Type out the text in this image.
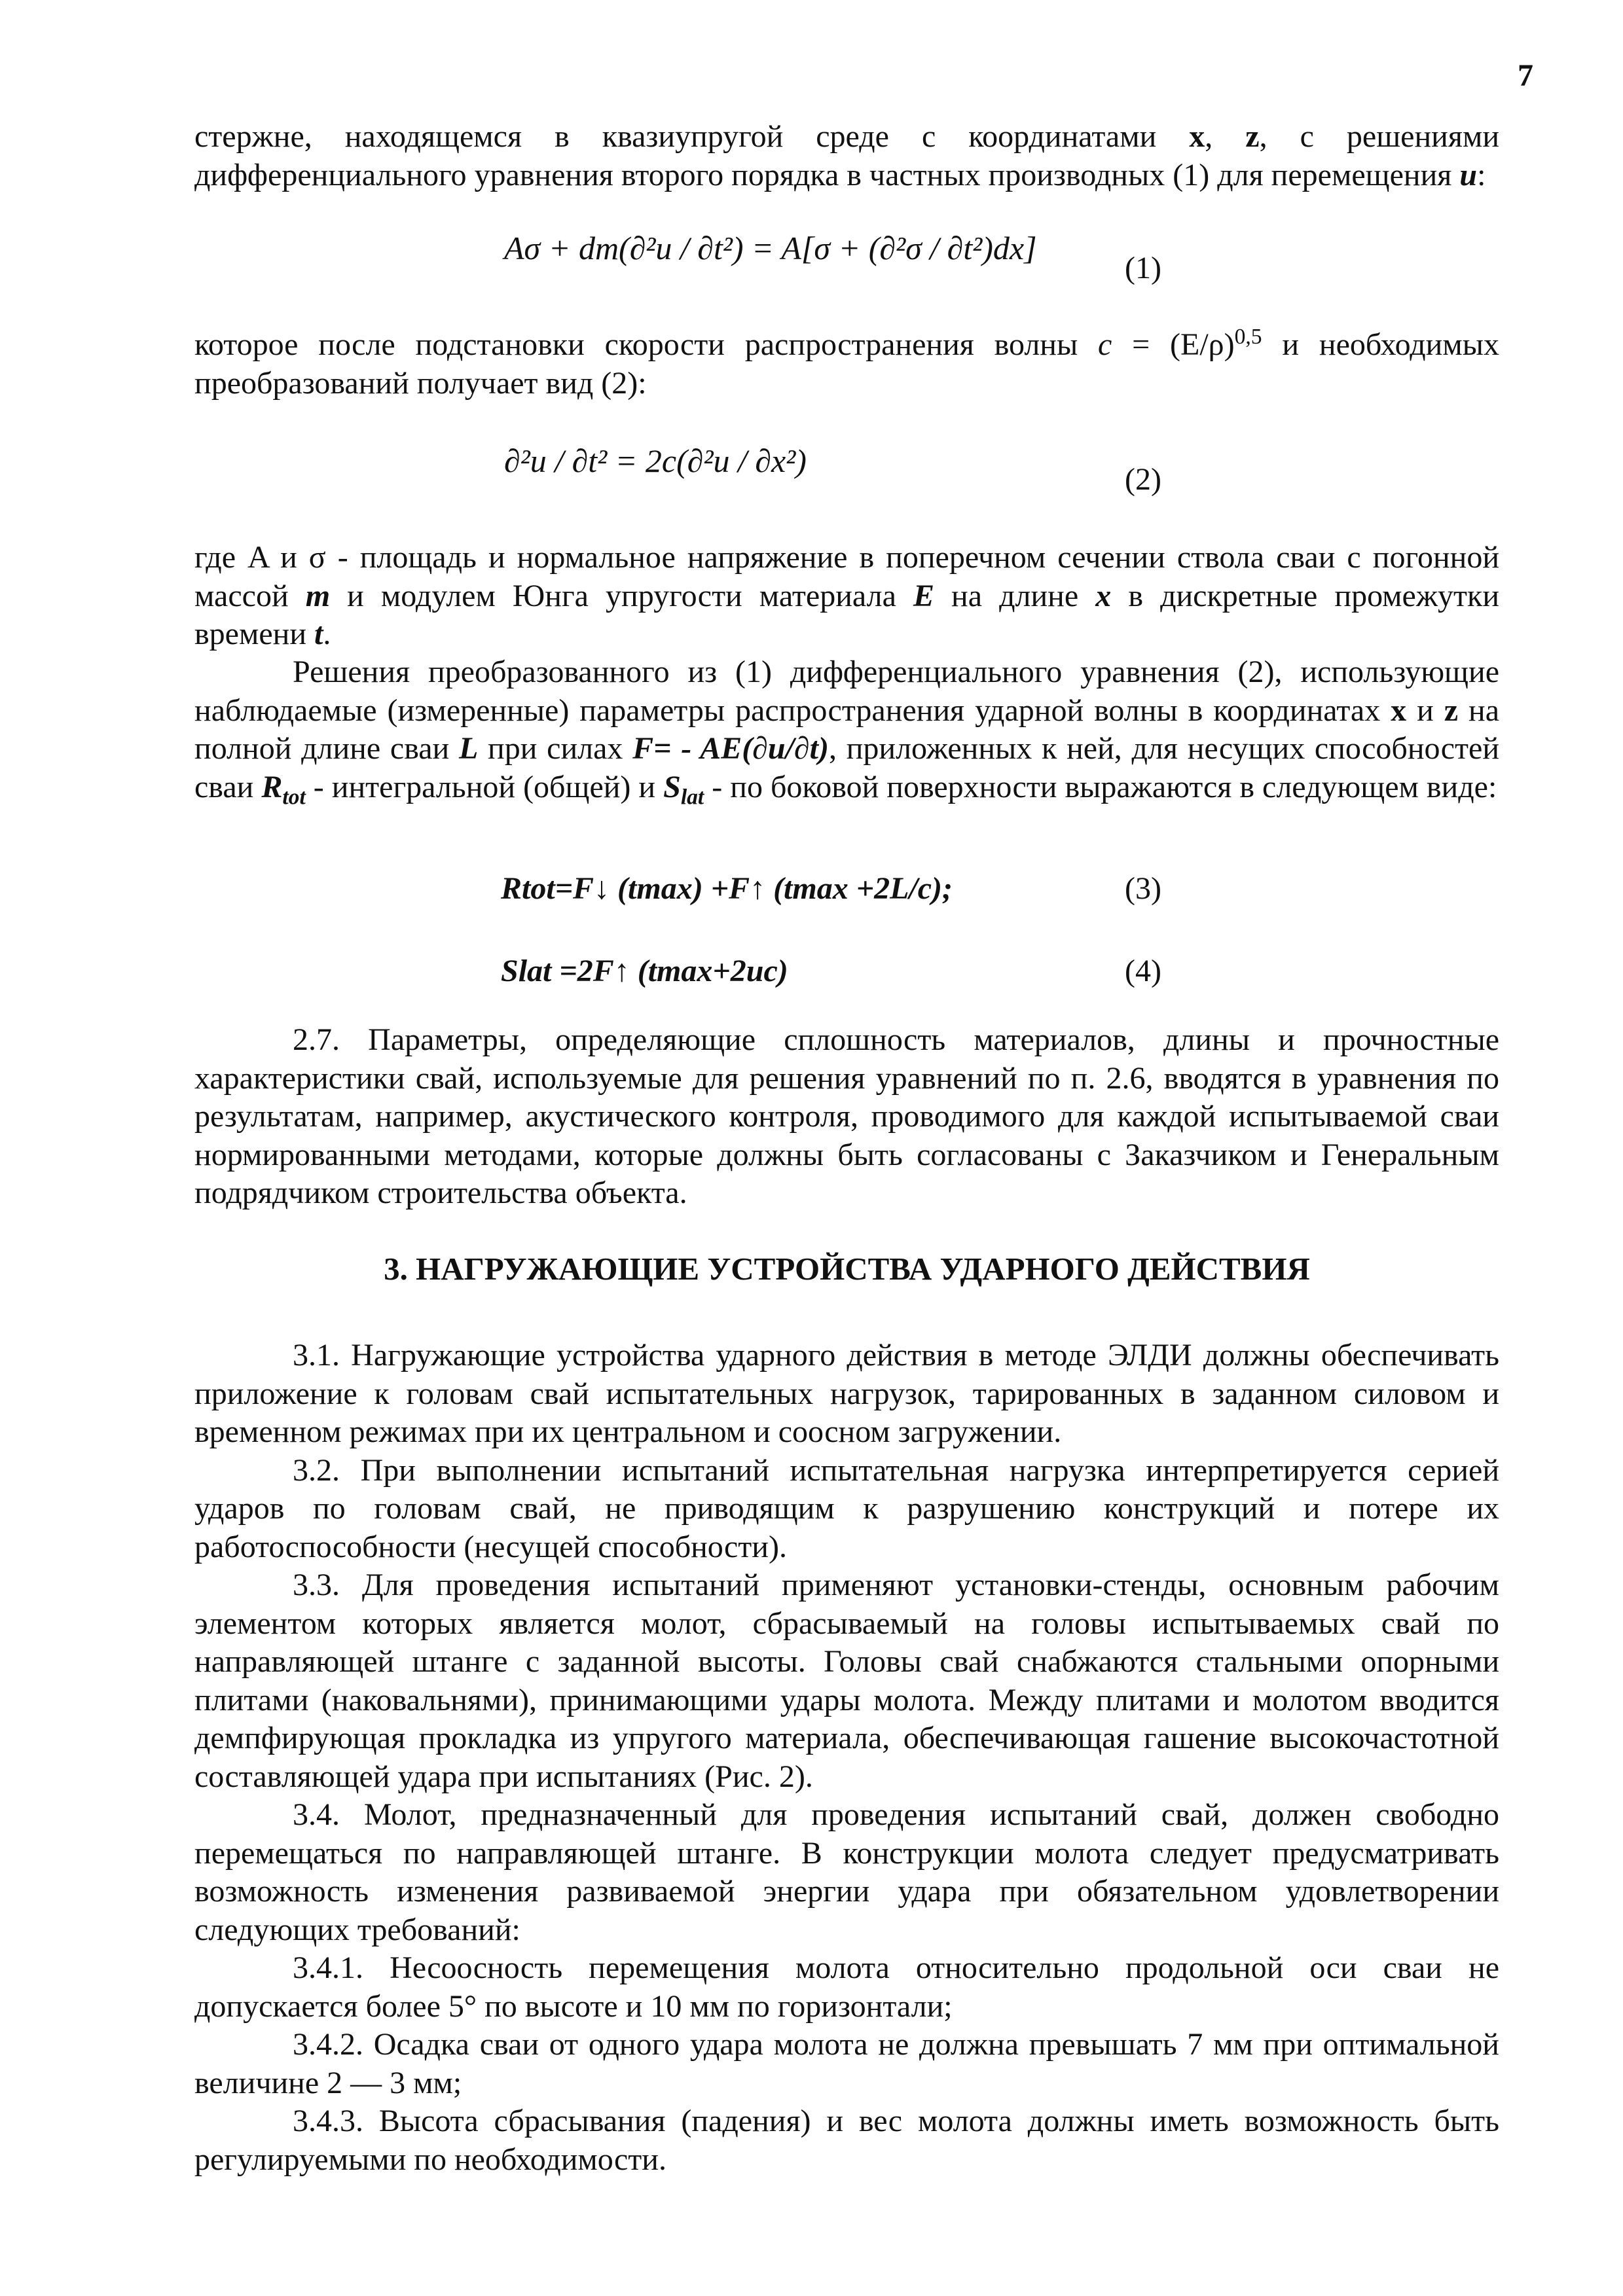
7

стержне, находящемся в квазиупругой среде с координатами x, z, с решениями дифференциального уравнения второго порядка в частных производных (1) для перемещения u:

Aσ + dm(∂²u / ∂t²) = A[σ + (∂²σ / ∂t²)dx]
(1)

которое после подстановки скорости распространения волны $c = (E/\rho)^{0,5}$ и необходимых преобразований получает вид (2):

∂²u / ∂t² = 2c(∂²u / ∂x²)
(2)

где A и σ - площадь и нормальное напряжение в поперечном сечении ствола сваи с погонной массой m и модулем Юнга упругости материала E на длине x в дискретные промежутки времени t.

Решения преобразованного из (1) дифференциального уравнения (2), использующие наблюдаемые (измеренные) параметры распространения ударной волны в координатах x и z на полной длине сваи L при силах F= - AE(∂u/∂t), приложенных к ней, для несущих способностей сваи $R_{tot}$ - интегральной (общей) и $S_{lat}$ - по боковой поверхности выражаются в следующем виде:

Rtot=F↓ (tmax) +F↑ (tmax +2L/c);	(3)
Slat =2F↑ (tmax+2uc)	(4)

2.7. Параметры, определяющие сплошность материалов, длины и прочностные характеристики свай, используемые для решения уравнений по п. 2.6, вводятся в уравнения по результатам, например, акустического контроля, проводимого для каждой испытываемой сваи нормированными методами, которые должны быть согласованы с Заказчиком и Генеральным подрядчиком строительства объекта.

3. НАГРУЖАЮЩИЕ УСТРОЙСТВА УДАРНОГО ДЕЙСТВИЯ

3.1. Нагружающие устройства ударного действия в методе ЭЛДИ должны обеспечивать приложение к головам свай испытательных нагрузок, тарированных в заданном силовом и временном режимах при их центральном и соосном загружении.

3.2. При выполнении испытаний испытательная нагрузка интерпретируется серией ударов по головам свай, не приводящим к разрушению конструкций и потере их работоспособности (несущей способности).

3.3. Для проведения испытаний применяют установки-стенды, основным рабочим элементом которых является молот, сбрасываемый на головы испытываемых свай по направляющей штанге с заданной высоты. Головы свай снабжаются стальными опорными плитами (наковальнями), принимающими удары молота. Между плитами и молотом вводится демпфирующая прокладка из упругого материала, обеспечивающая гашение высокочастотной составляющей удара при испытаниях (Рис. 2).

3.4. Молот, предназначенный для проведения испытаний свай, должен свободно перемещаться по направляющей штанге. В конструкции молота следует предусматривать возможность изменения развиваемой энергии удара при обязательном удовлетворении следующих требований:

3.4.1. Несоосность перемещения молота относительно продольной оси сваи не допускается более 5° по высоте и 10 мм по горизонтали;

3.4.2. Осадка сваи от одного удара молота не должна превышать 7 мм при оптимальной величине 2 — 3 мм;

3.4.3. Высота сбрасывания (падения) и вес молота должны иметь возможность быть регулируемыми по необходимости.
